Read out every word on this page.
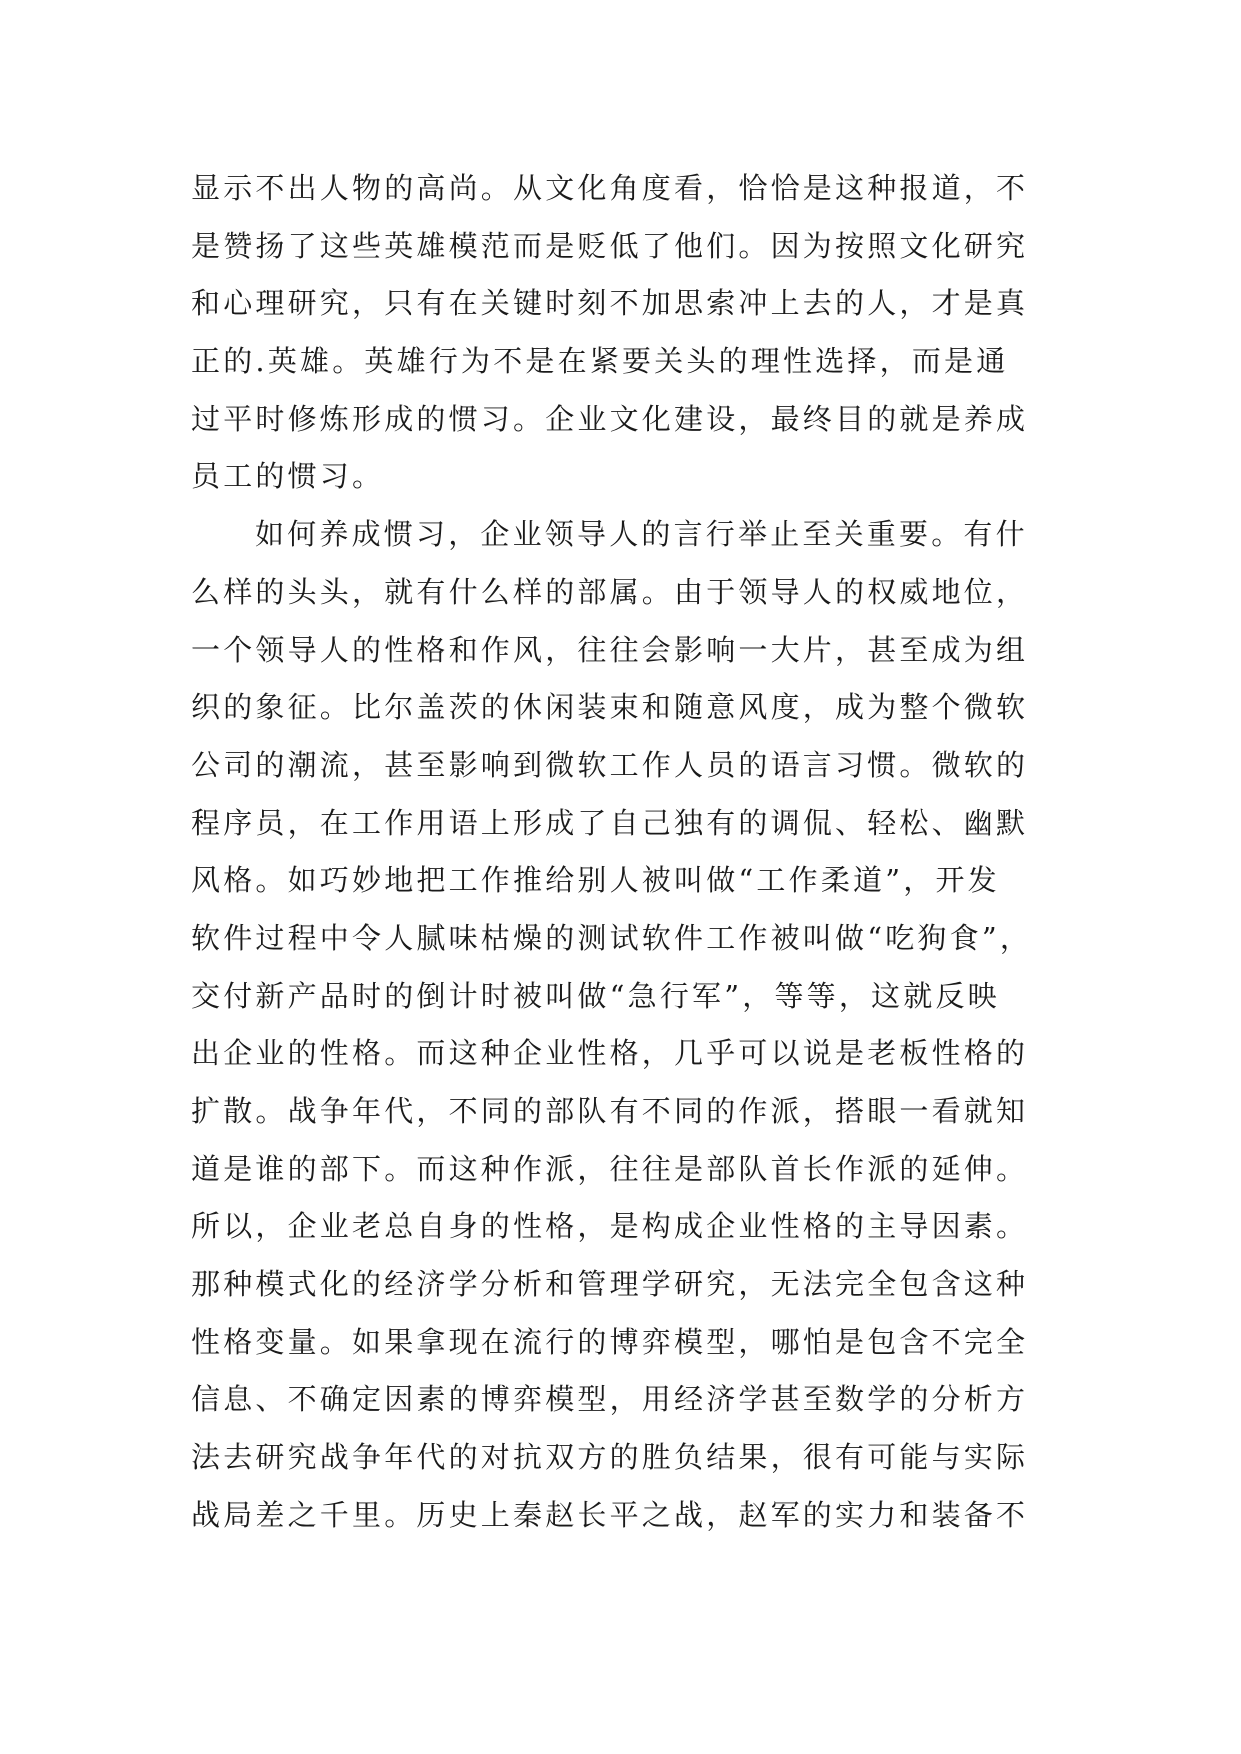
显示不出人物的高尚。从文化角度看，恰恰是这种报道，不
是赞扬了这些英雄模范而是贬低了他们。因为按照文化研究
和心理研究，只有在关键时刻不加思索冲上去的人，才是真
正的.英雄。英雄行为不是在紧要关头的理性选择，而是通
过平时修炼形成的惯习。企业文化建设，最终目的就是养成
员工的惯习。
如何养成惯习，企业领导人的言行举止至关重要。有什
么样的头头，就有什么样的部属。由于领导人的权威地位，
一个领导人的性格和作风，往往会影响一大片，甚至成为组
织的象征。比尔盖茨的休闲装束和随意风度，成为整个微软
公司的潮流，甚至影响到微软工作人员的语言习惯。微软的
程序员，在工作用语上形成了自己独有的调侃、轻松、幽默
风格。如巧妙地把工作推给别人被叫做“工作柔道”，开发
软件过程中令人腻味枯燥的测试软件工作被叫做“吃狗食”，
交付新产品时的倒计时被叫做“急行军”，等等，这就反映
出企业的性格。而这种企业性格，几乎可以说是老板性格的
扩散。战争年代，不同的部队有不同的作派，搭眼一看就知
道是谁的部下。而这种作派，往往是部队首长作派的延伸。
所以，企业老总自身的性格，是构成企业性格的主导因素。
那种模式化的经济学分析和管理学研究，无法完全包含这种
性格变量。如果拿现在流行的博弈模型，哪怕是包含不完全
信息、不确定因素的博弈模型，用经济学甚至数学的分析方
法去研究战争年代的对抗双方的胜负结果，很有可能与实际
战局差之千里。历史上秦赵长平之战，赵军的实力和装备不
